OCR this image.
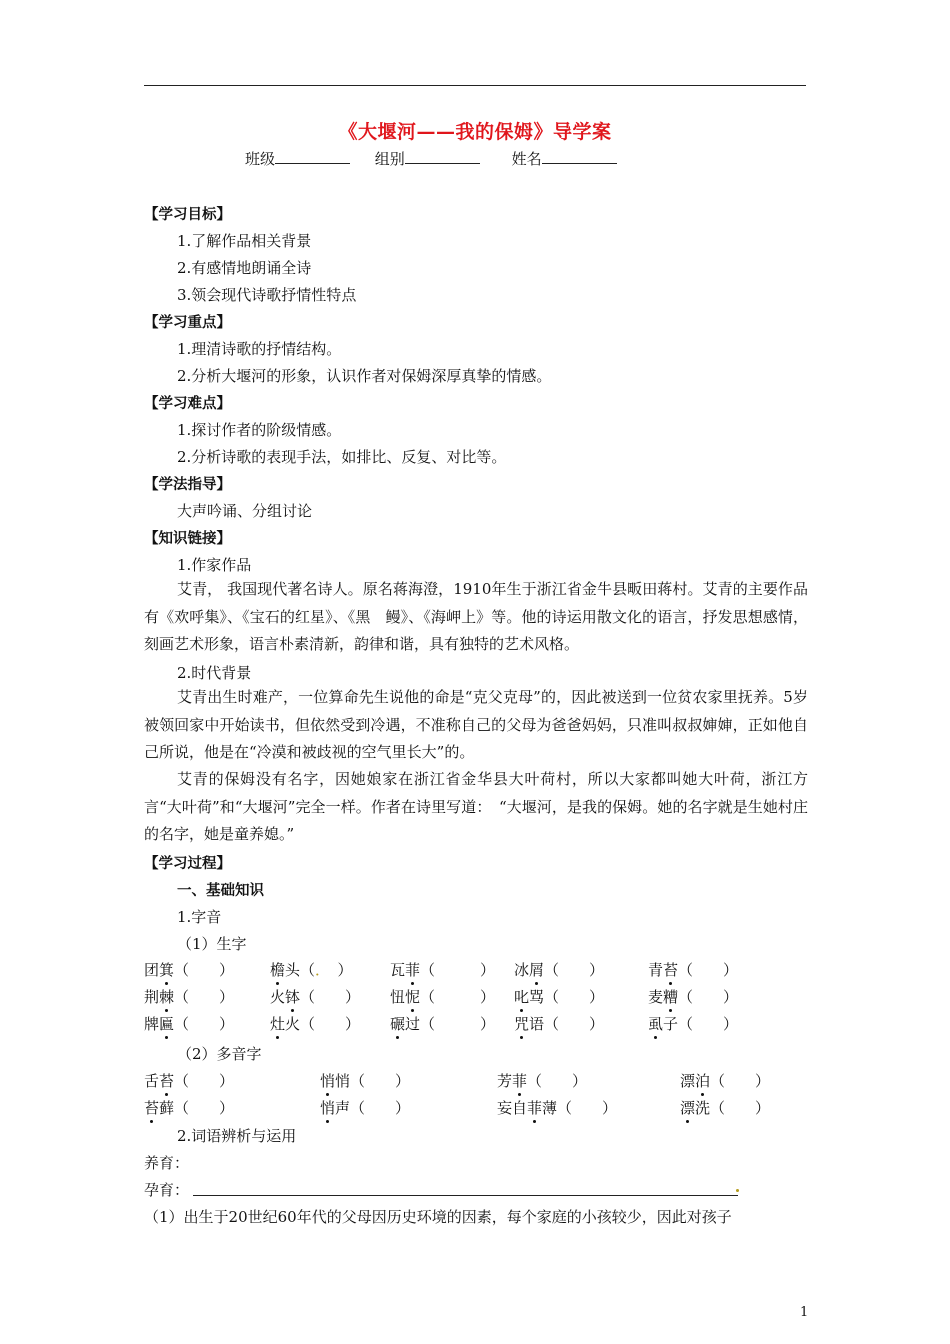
《大堰河——我的保姆》导学案
班级	组别	姓名
【学习目标】
1.了解作品相关背景
2.有感情地朗诵全诗
3.领会现代诗歌抒情性特点
【学习重点】
1.理清诗歌的抒情结构。
2.分析大堰河的形象，认识作者对保姆深厚真挚的情感。
【学习难点】
1.探讨作者的阶级情感。
2.分析诗歌的表现手法，如排比、反复、对比等。
【学法指导】
大声吟诵、分组讨论
【知识链接】
1.作家作品
艾青， 我国现代著名诗人。原名蒋海澄，1910年生于浙江省金牛县畈田蒋村。艾青的主要作品有《欢呼集》、《宝石的红星》、《黑　鳗》、《海岬上》等。他的诗运用散文化的语言，抒发思想感情，刻画艺术形象，语言朴素清新，韵律和谐，具有独特的艺术风格。
2.时代背景
艾青出生时难产，一位算命先生说他的命是“克父克母”的，因此被送到一位贫农家里抚养。5岁被领回家中开始读书，但依然受到冷遇，不准称自己的父母为爸爸妈妈，只准叫叔叔婶婶，正如他自己所说，他是在“冷漠和被歧视的空气里长大”的。
艾青的保姆没有名字，因她娘家在浙江省金华县大叶荷村，所以大家都叫她大叶荷，浙江方言“大叶荷”和“大堰河”完全一样。作者在诗里写道：　“大堰河，是我的保姆。她的名字就是生她村庄的名字，她是童养媳。”
【学习过程】
一、基础知识
1.字音
（1）生字
团箕（　　） 檐头（．　） 瓦菲（　　　） 冰屑（　　）	青苔（　　）
荆棘（　　） 火钵（　　） 忸怩（　　　） 叱骂（　　）	麦糟（　　）
牌匾（　　） 灶火（　　） 碾过（　　　） 咒语（　　）	虱子（　　）
（2）多音字
舌苔（　　）	悄悄（　　）	芳菲（　　）	漂泊（　　）
苔藓（　　）	悄声（　　）	妄自菲薄（　　）	漂洗（　　）
2.词语辨析与运用
养育：
孕育：
（1）出生于20世纪60年代的父母因历史环境的因素，每个家庭的小孩较少，因此对孩子
1
